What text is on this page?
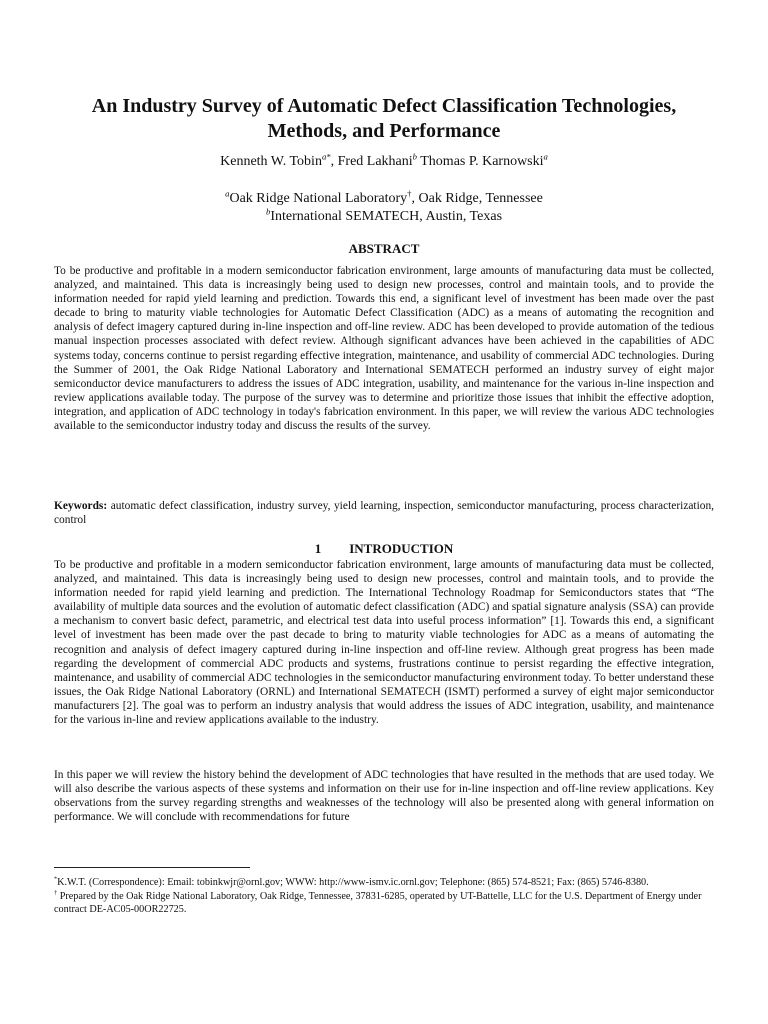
An Industry Survey of Automatic Defect Classification Technologies,
Methods, and Performance
Kenneth W. Tobin$^{a*}$, Fred Lakhani$^b$ Thomas P. Karnowski$^a$
$^a$Oak Ridge National Laboratory†, Oak Ridge, Tennessee
$^b$International SEMATECH, Austin, Texas
ABSTRACT

To be productive and profitable in a modern semiconductor fabrication environment, large amounts of manufacturing data must be collected, analyzed, and maintained. This data is increasingly being used to design new processes, control and maintain tools, and to provide the information needed for rapid yield learning and prediction. Towards this end, a significant level of investment has been made over the past decade to bring to maturity viable technologies for Automatic Defect Classification (ADC) as a means of automating the recognition and analysis of defect imagery captured during in-line inspection and off-line review. ADC has been developed to provide automation of the tedious manual inspection processes associated with defect review. Although significant advances have been achieved in the capabilities of ADC systems today, concerns continue to persist regarding effective integration, maintenance, and usability of commercial ADC technologies. During the Summer of 2001, the Oak Ridge National Laboratory and International SEMATECH performed an industry survey of eight major semiconductor device manufacturers to address the issues of ADC integration, usability, and maintenance for the various in-line inspection and review applications available today. The purpose of the survey was to determine and prioritize those issues that inhibit the effective adoption, integration, and application of ADC technology in today's fabrication environment. In this paper, we will review the various ADC technologies available to the semiconductor industry today and discuss the results of the survey.

Keywords: automatic defect classification, industry survey, yield learning, inspection, semiconductor manufacturing, process characterization, control

1 INTRODUCTION

To be productive and profitable in a modern semiconductor fabrication environment, large amounts of manufacturing data must be collected, analyzed, and maintained. This data is increasingly being used to design new processes, control and maintain tools, and to provide the information needed for rapid yield learning and prediction. The International Technology Roadmap for Semiconductors states that “The availability of multiple data sources and the evolution of automatic defect classification (ADC) and spatial signature analysis (SSA) can provide a mechanism to convert basic defect, parametric, and electrical test data into useful process information” [1]. Towards this end, a significant level of investment has been made over the past decade to bring to maturity viable technologies for ADC as a means of automating the recognition and analysis of defect imagery captured during in-line inspection and off-line review. Although great progress has been made regarding the development of commercial ADC products and systems, frustrations continue to persist regarding the effective integration, maintenance, and usability of commercial ADC technologies in the semiconductor manufacturing environment today. To better understand these issues, the Oak Ridge National Laboratory (ORNL) and International SEMATECH (ISMT) performed a survey of eight major semiconductor manufacturers [2]. The goal was to perform an industry analysis that would address the issues of ADC integration, usability, and maintenance for the various in-line and review applications available to the industry.

In this paper we will review the history behind the development of ADC technologies that have resulted in the methods that are used today. We will also describe the various aspects of these systems and information on their use for in-line inspection and off-line review applications. Key observations from the survey regarding strengths and weaknesses of the technology will also be presented along with general information on performance. We will conclude with recommendations for future

*K.W.T. (Correspondence): Email: tobinkwjr@ornl.gov; WWW: http://www-ismv.ic.ornl.gov; Telephone: (865) 574-8521; Fax: (865) 5746-8380.

† Prepared by the Oak Ridge National Laboratory, Oak Ridge, Tennessee, 37831-6285, operated by UT-Battelle, LLC for the U.S. Department of Energy under contract DE-AC05-00OR22725.
